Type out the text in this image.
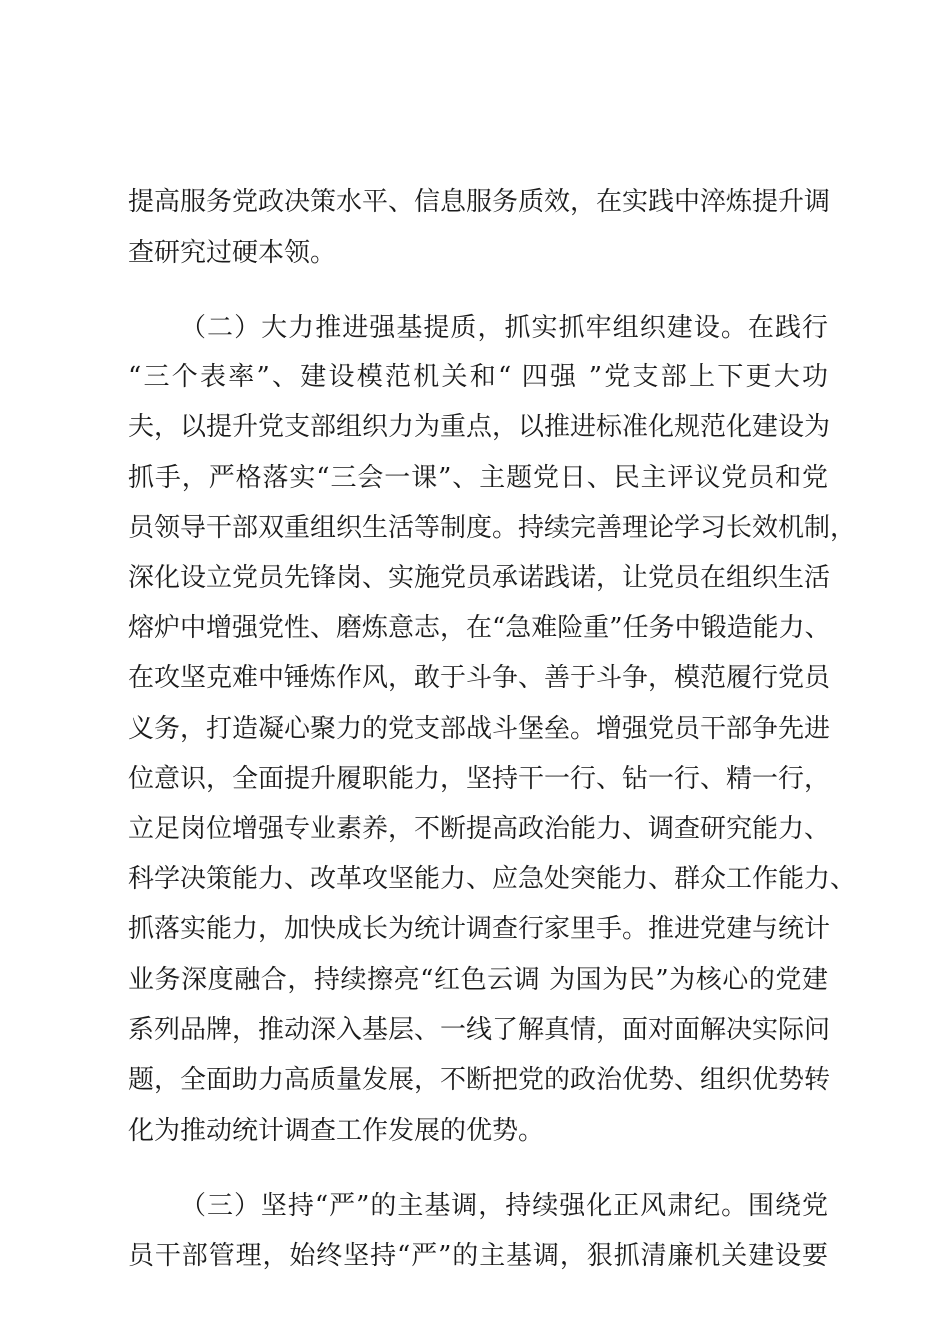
提高服务党政决策水平、信息服务质效，在实践中淬炼提升调

查研究过硬本领。

（二）大力推进强基提质，抓实抓牢组织建设。在践行

“三个表率”、建设模范机关和“ 四强 ”党支部上下更大功

夫，以提升党支部组织力为重点，以推进标准化规范化建设为

抓手，严格落实“三会一课”、主题党日、民主评议党员和党

员领导干部双重组织生活等制度。持续完善理论学习长效机制，

深化设立党员先锋岗、实施党员承诺践诺，让党员在组织生活

熔炉中增强党性、磨炼意志，在“急难险重”任务中锻造能力、

在攻坚克难中锤炼作风，敢于斗争、善于斗争，模范履行党员

义务，打造凝心聚力的党支部战斗堡垒。增强党员干部争先进

位意识，全面提升履职能力，坚持干一行、钻一行、精一行，

立足岗位增强专业素养，不断提高政治能力、调查研究能力、

科学决策能力、改革攻坚能力、应急处突能力、群众工作能力、

抓落实能力，加快成长为统计调查行家里手。推进党建与统计

业务深度融合，持续擦亮“红色云调 为国为民”为核心的党建

系列品牌，推动深入基层、一线了解真情，面对面解决实际问

题，全面助力高质量发展，不断把党的政治优势、组织优势转

化为推动统计调查工作发展的优势。

（三）坚持“严”的主基调，持续强化正风肃纪。围绕党

员干部管理，始终坚持“严”的主基调，狠抓清廉机关建设要
